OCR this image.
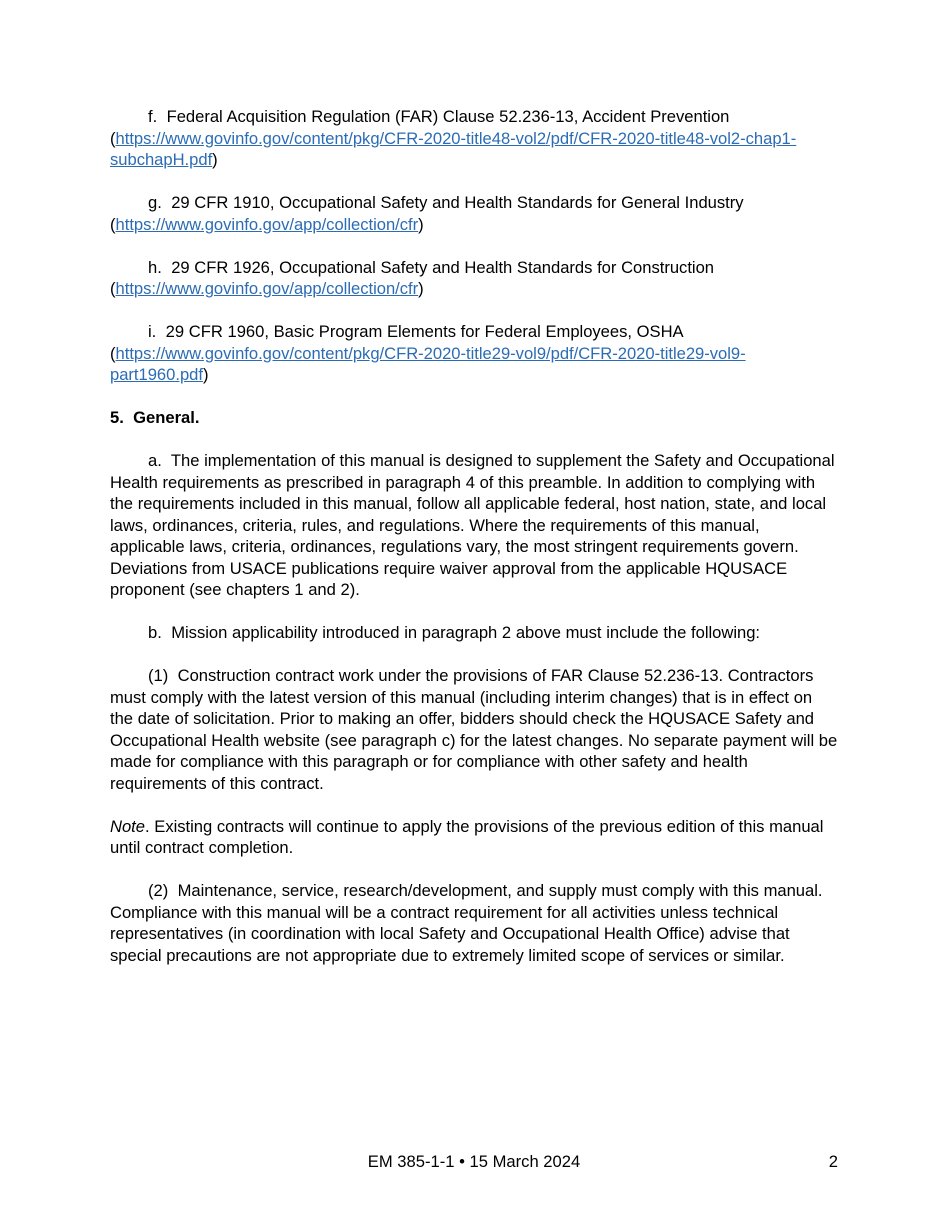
f. Federal Acquisition Regulation (FAR) Clause 52.236-13, Accident Prevention
(https://www.govinfo.gov/content/pkg/CFR-2020-title48-vol2/pdf/CFR-2020-title48-vol2-chap1-subchapH.pdf)

g. 29 CFR 1910, Occupational Safety and Health Standards for General Industry
(https://www.govinfo.gov/app/collection/cfr)

h. 29 CFR 1926, Occupational Safety and Health Standards for Construction
(https://www.govinfo.gov/app/collection/cfr)

i. 29 CFR 1960, Basic Program Elements for Federal Employees, OSHA
(https://www.govinfo.gov/content/pkg/CFR-2020-title29-vol9/pdf/CFR-2020-title29-vol9-part1960.pdf)

5. General.

a. The implementation of this manual is designed to supplement the Safety and Occupational Health requirements as prescribed in paragraph 4 of this preamble. In addition to complying with the requirements included in this manual, follow all applicable federal, host nation, state, and local laws, ordinances, criteria, rules, and regulations. Where the requirements of this manual, applicable laws, criteria, ordinances, regulations vary, the most stringent requirements govern. Deviations from USACE publications require waiver approval from the applicable HQUSACE proponent (see chapters 1 and 2).

b. Mission applicability introduced in paragraph 2 above must include the following:

(1) Construction contract work under the provisions of FAR Clause 52.236-13. Contractors must comply with the latest version of this manual (including interim changes) that is in effect on the date of solicitation. Prior to making an offer, bidders should check the HQUSACE Safety and Occupational Health website (see paragraph c) for the latest changes. No separate payment will be made for compliance with this paragraph or for compliance with other safety and health requirements of this contract.

Note. Existing contracts will continue to apply the provisions of the previous edition of this manual until contract completion.

(2) Maintenance, service, research/development, and supply must comply with this manual. Compliance with this manual will be a contract requirement for all activities unless technical representatives (in coordination with local Safety and Occupational Health Office) advise that special precautions are not appropriate due to extremely limited scope of services or similar.

EM 385-1-1 • 15 March 2024	2
